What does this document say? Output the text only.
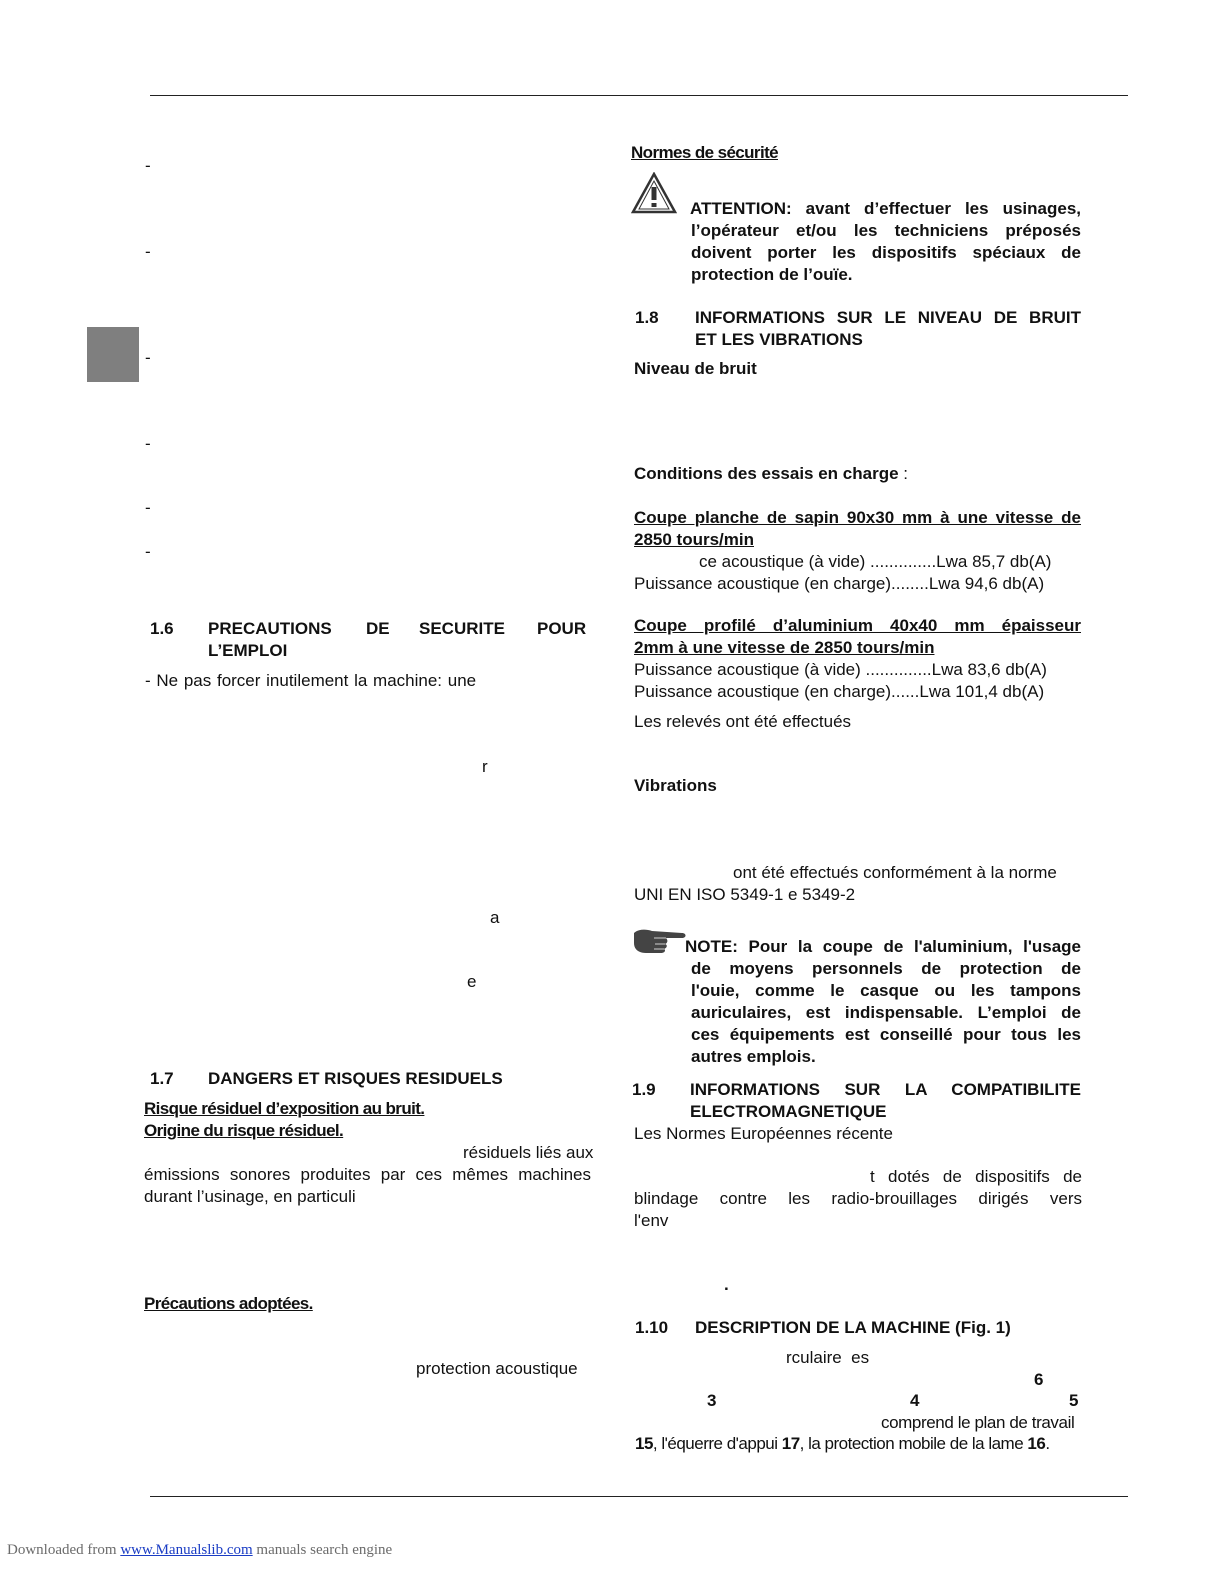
-
-
-
-
-
-
1.6 PRECAUTIONS DE SECURITE POUR
L’EMPLOI
- Ne pas forcer inutilement la machine: une
r
a
e
1.7 DANGERS ET RISQUES RESIDUELS
Risque résiduel d’exposition au bruit.
Origine du risque résiduel.
résiduels liés aux
émissions sonores produites par ces mêmes machines
durant l’usinage, en particuli
Précautions adoptées.
protection acoustique
Normes de sécurité
ATTENTION: avant d’effectuer les usinages,
l’opérateur et/ou les techniciens préposés
doivent porter les dispositifs spéciaux de
protection de l’ouïe.
1.8 INFORMATIONS SUR LE NIVEAU DE BRUIT
ET LES VIBRATIONS
Niveau de bruit
Conditions des essais en charge :
Coupe planche de sapin 90x30 mm à une vitesse de
2850 tours/min
ce acoustique (à vide) ..............Lwa 85,7 db(A)
Puissance acoustique (en charge)........Lwa 94,6 db(A)
Coupe profilé d’aluminium 40x40 mm épaisseur
2mm à une vitesse de 2850 tours/min
Puissance acoustique (à vide) ..............Lwa 83,6 db(A)
Puissance acoustique (en charge)......Lwa 101,4 db(A)
Les relevés ont été effectués
Vibrations
ont été effectués conformément à la norme
UNI EN ISO 5349-1 e 5349-2
NOTE: Pour la coupe de l'aluminium, l'usage
de moyens personnels de protection de
l'ouie, comme le casque ou les tampons
auriculaires, est indispensable. L’emploi de
ces équipements est conseillé pour tous les
autres emplois.
1.9 INFORMATIONS SUR LA COMPATIBILITE
ELECTROMAGNETIQUE
Les Normes Européennes récente
t dotés de dispositifs de
blindage contre les radio-brouillages dirigés vers
l'env
.
1.10 DESCRIPTION DE LA MACHINE (Fig. 1)
rculaire  es
6
3	4	5
comprend le plan de travail
15, l'équerre d'appui 17, la protection mobile de la lame 16.
Downloaded from www.Manualslib.com manuals search engine
